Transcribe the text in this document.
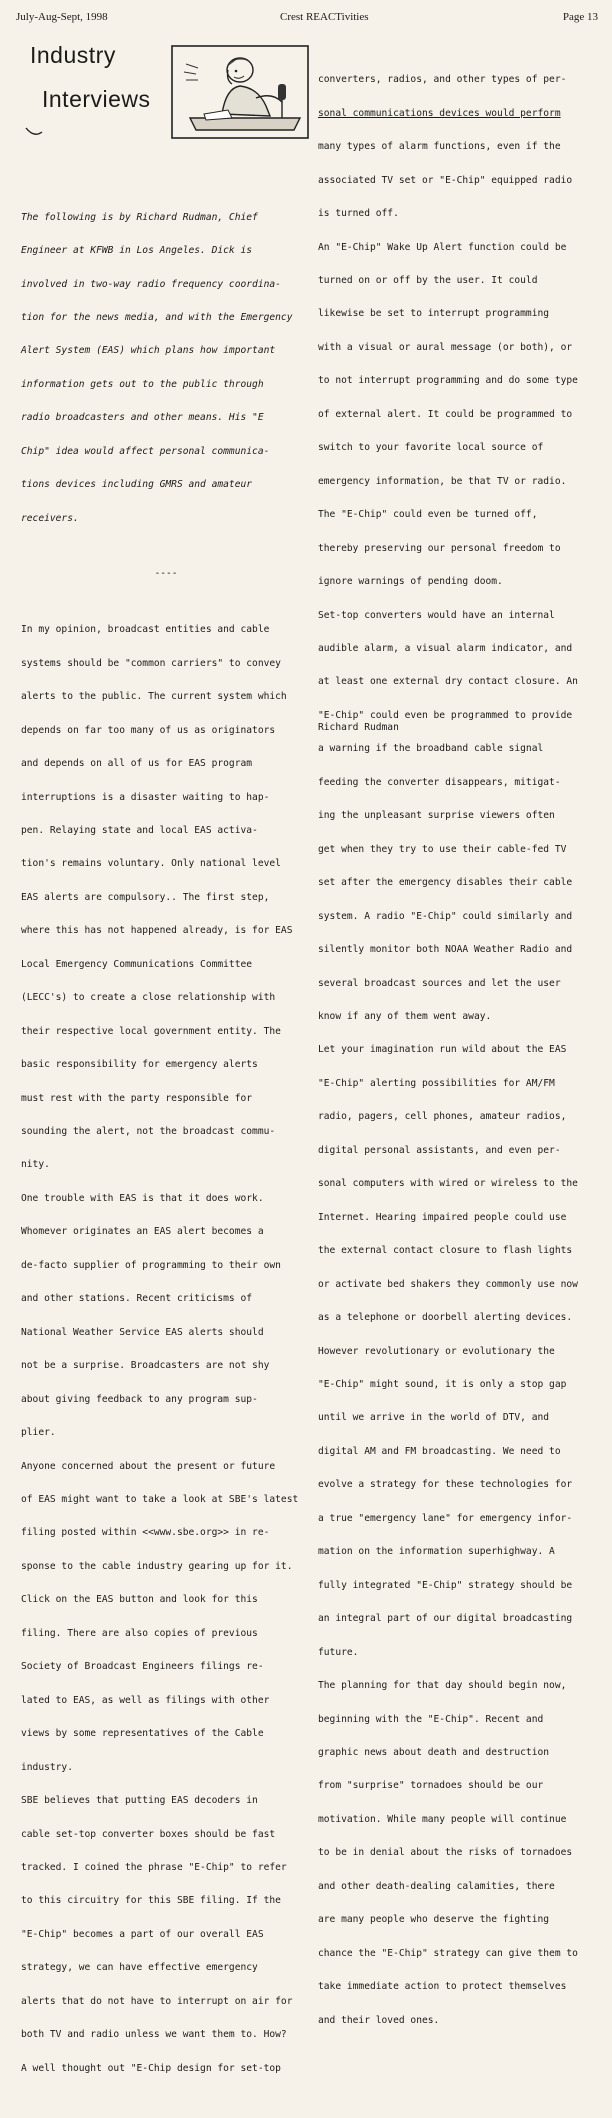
July-Aug-Sept, 1998	Crest REACTivities	Page 13
Industry
Interviews

The following is by Richard Rudman, Chief

Engineer at KFWB in Los Angeles. Dick is

involved in two-way radio frequency coordina-

tion for the news media, and with the Emergency

Alert System (EAS) which plans how important

information gets out to the public through

radio broadcasters and other means. His "E

Chip" idea would affect personal communica-

tions devices including GMRS and amateur

receivers.

----

In my opinion, broadcast entities and cable

systems should be "common carriers" to convey

alerts to the public. The current system which

depends on far too many of us as originators

and depends on all of us for EAS program

interruptions is a disaster waiting to hap-

pen. Relaying state and local EAS activa-

tion's remains voluntary. Only national level

EAS alerts are compulsory.. The first step,

where this has not happened already, is for EAS

Local Emergency Communications Committee

(LECC's) to create a close relationship with

their respective local government entity. The

basic responsibility for emergency alerts

must rest with the party responsible for

sounding the alert, not the broadcast commu-

nity.

One trouble with EAS is that it does work.

Whomever originates an EAS alert becomes a

de-facto supplier of programming to their own

and other stations. Recent criticisms of

National Weather Service EAS alerts should

not be a surprise. Broadcasters are not shy

about giving feedback to any program sup-

plier.

Anyone concerned about the present or future

of EAS might want to take a look at SBE's latest

filing posted within <<www.sbe.org>> in re-

sponse to the cable industry gearing up for it.

Click on the EAS button and look for this

filing. There are also copies of previous

Society of Broadcast Engineers filings re-

lated to EAS, as well as filings with other

views by some representatives of the Cable

industry.

SBE believes that putting EAS decoders in

cable set-top converter boxes should be fast

tracked. I coined the phrase "E-Chip" to refer

to this circuitry for this SBE filing. If the

"E-Chip" becomes a part of our overall EAS

strategy, we can have effective emergency

alerts that do not have to interrupt on air for

both TV and radio unless we want them to. How?

A well thought out "E-Chip design for set-top

converters, radios, and other types of per-

sonal communications devices would perform

many types of alarm functions, even if the

associated TV set or "E-Chip" equipped radio

is turned off.

An "E-Chip" Wake Up Alert function could be

turned on or off by the user. It could

likewise be set to interrupt programming

with a visual or aural message (or both), or

to not interrupt programming and do some type

of external alert. It could be programmed to

switch to your favorite local source of

emergency information, be that TV or radio.

The "E-Chip" could even be turned off,

thereby preserving our personal freedom to

ignore warnings of pending doom.

Set-top converters would have an internal

audible alarm, a visual alarm indicator, and

at least one external dry contact closure. An

"E-Chip" could even be programmed to provide

a warning if the broadband cable signal

feeding the converter disappears, mitigat-

ing the unpleasant surprise viewers often

get when they try to use their cable-fed TV

set after the emergency disables their cable

system. A radio "E-Chip" could similarly and

silently monitor both NOAA Weather Radio and

several broadcast sources and let the user

know if any of them went away.

Let your imagination run wild about the EAS

"E-Chip" alerting possibilities for AM/FM

radio, pagers, cell phones, amateur radios,

digital personal assistants, and even per-

sonal computers with wired or wireless to the

Internet. Hearing impaired people could use

the external contact closure to flash lights

or activate bed shakers they commonly use now

as a telephone or doorbell alerting devices.

However revolutionary or evolutionary the

"E-Chip" might sound, it is only a stop gap

until we arrive in the world of DTV, and

digital AM and FM broadcasting. We need to

evolve a strategy for these technologies for

a true "emergency lane" for emergency infor-

mation on the information superhighway. A

fully integrated "E-Chip" strategy should be

an integral part of our digital broadcasting

future.

The planning for that day should begin now,

beginning with the "E-Chip". Recent and

graphic news about death and destruction

from "surprise" tornadoes should be our

motivation. While many people will continue

to be in denial about the risks of tornadoes

and other death-dealing calamities, there

are many people who deserve the fighting

chance the "E-Chip" strategy can give them to

take immediate action to protect themselves

and their loved ones.

Richard Rudman
